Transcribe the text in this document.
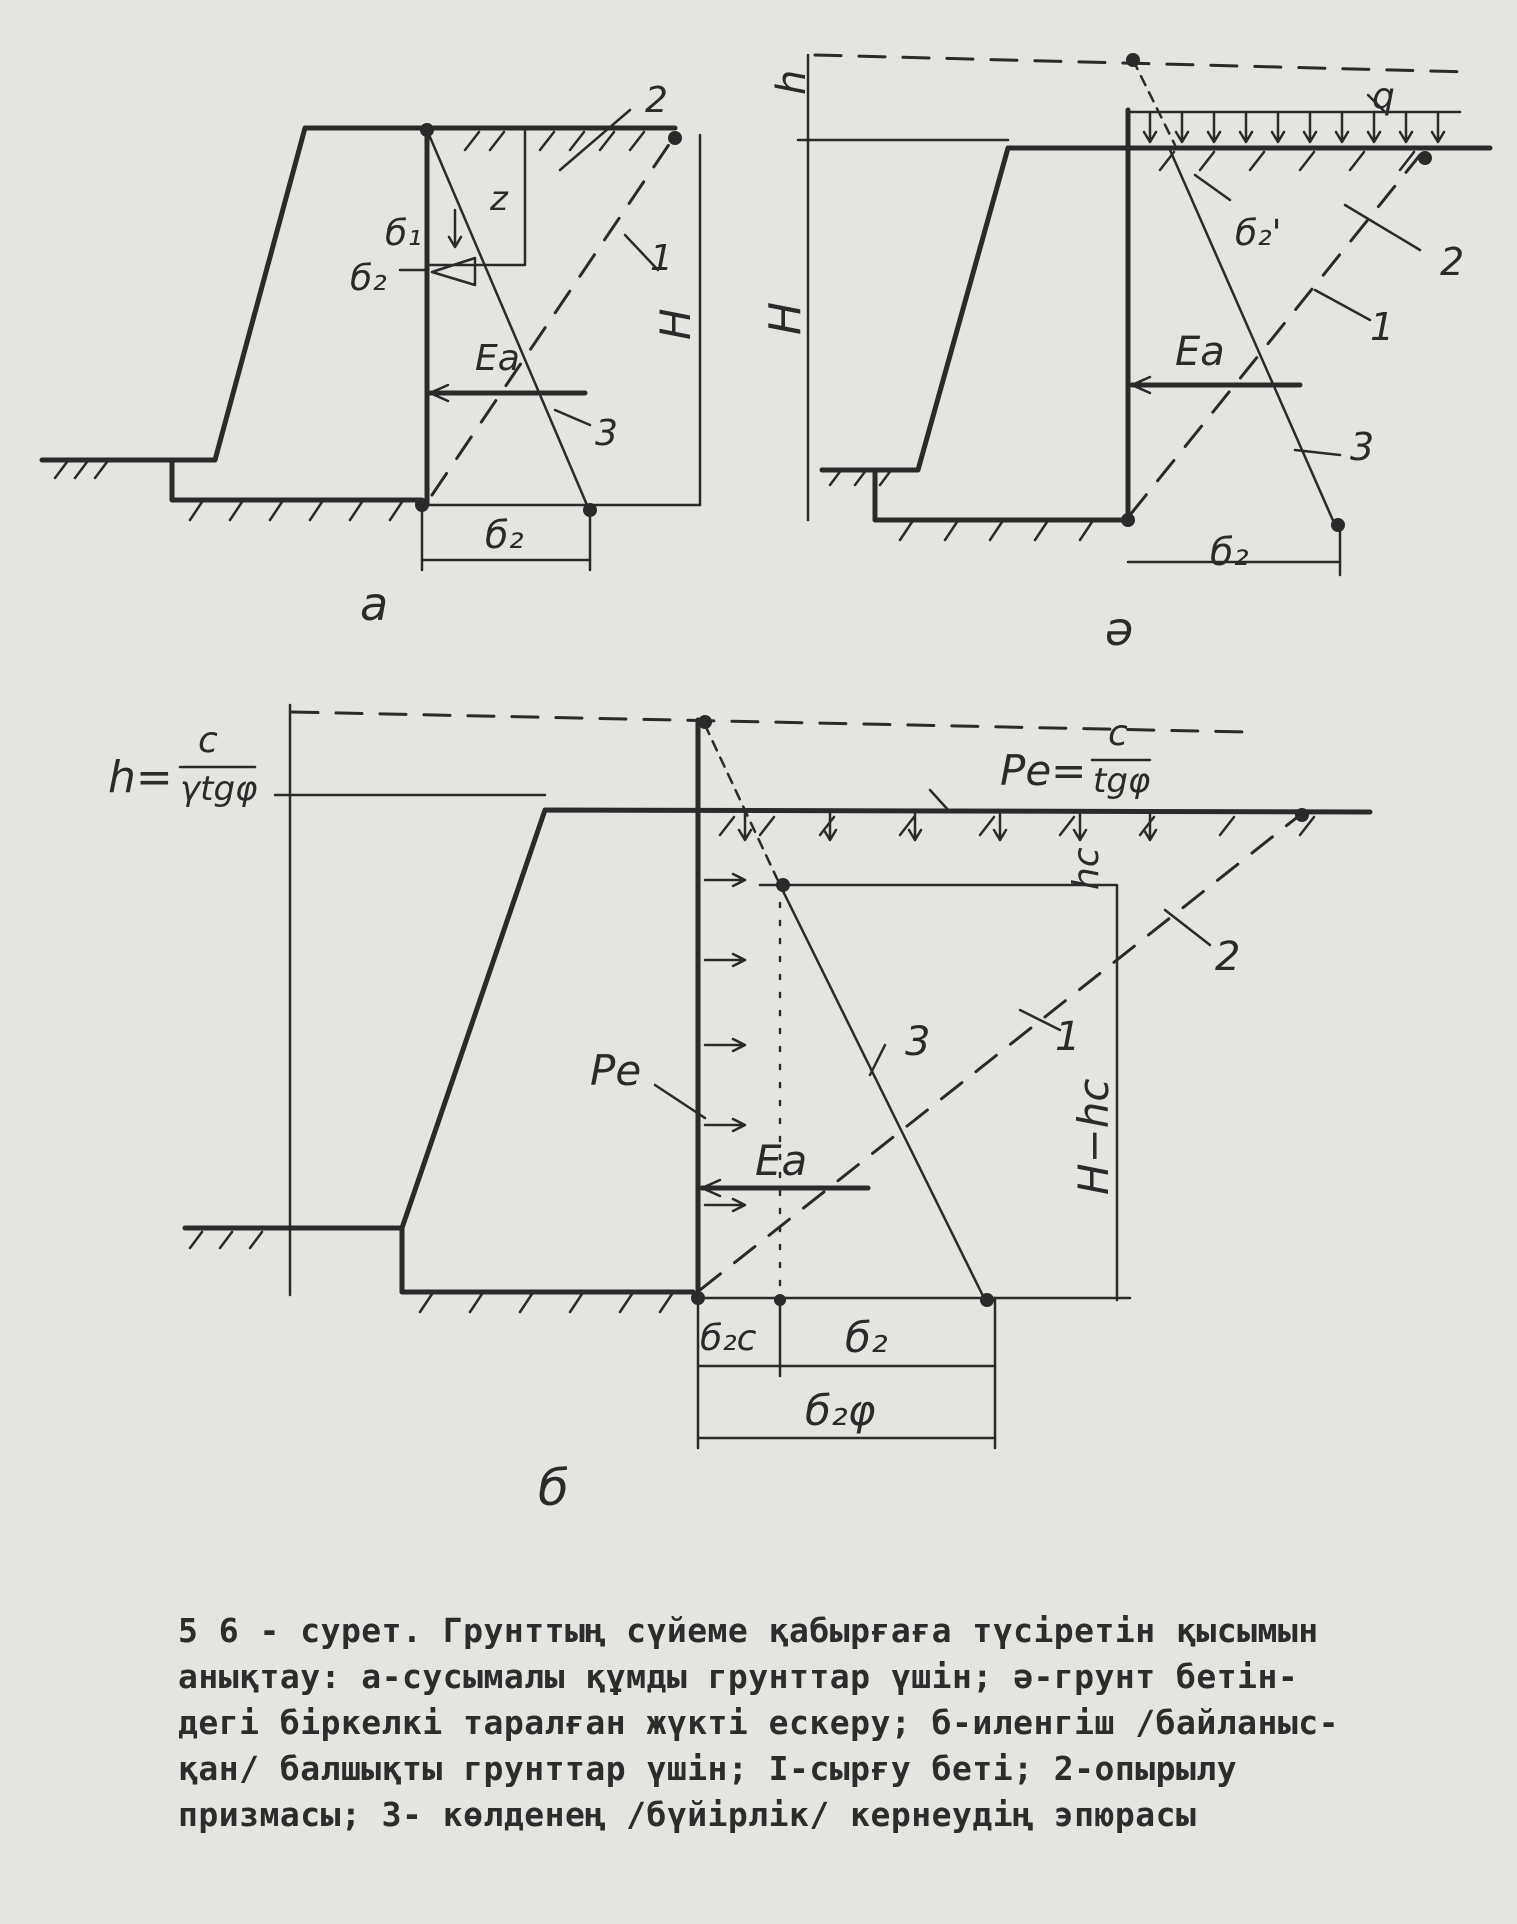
2
1
3
z
б₁
б₂
б₂
Ea
H
a
h	q
б₂'
2
1
3
Ea
H
б₂
ә
h=
c
γtgφ	Pe=
c
tgφ
hc
2
1
3
Pe
Ea	H−hc
б₂c б₂
б₂φ
б
5 6 - сурет. Грунттың сүйеме қабырғаға түсіретін қысымын
анықтау: а-сусымалы құмды грунттар үшін; ә-грунт бетін-
дегі біркелкі таралған жүкті ескеру; б-иленгіш /байланыс-
қан/ балшықты грунттар үшін; І-сырғу беті; 2-опырылу
призмасы; 3- көлденең /бүйірлік/ кернеудің эпюрасы
